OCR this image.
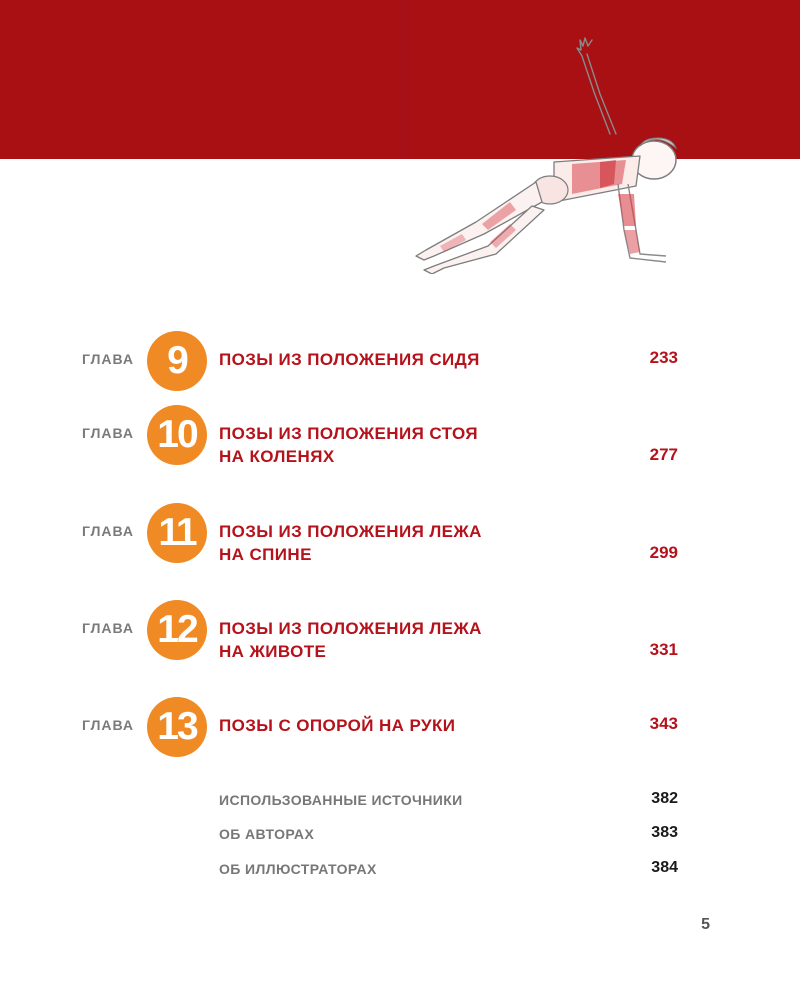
ГЛАВА 9	ПОЗЫ ИЗ ПОЛОЖЕНИЯ СИДЯ	233
ГЛАВА 10	ПОЗЫ ИЗ ПОЛОЖЕНИЯ СТОЯ
НА КОЛЕНЯХ	277
ГЛАВА 11	ПОЗЫ ИЗ ПОЛОЖЕНИЯ ЛЕЖА
НА СПИНЕ	299
ГЛАВА 12	ПОЗЫ ИЗ ПОЛОЖЕНИЯ ЛЕЖА
НА ЖИВОТЕ	331
ГЛАВА 13	ПОЗЫ С ОПОРОЙ НА РУКИ	343
ИСПОЛЬЗОВАННЫЕ ИСТОЧНИКИ	382
ОБ АВТОРАХ	383
ОБ ИЛЛЮСТРАТОРАХ	384
5
